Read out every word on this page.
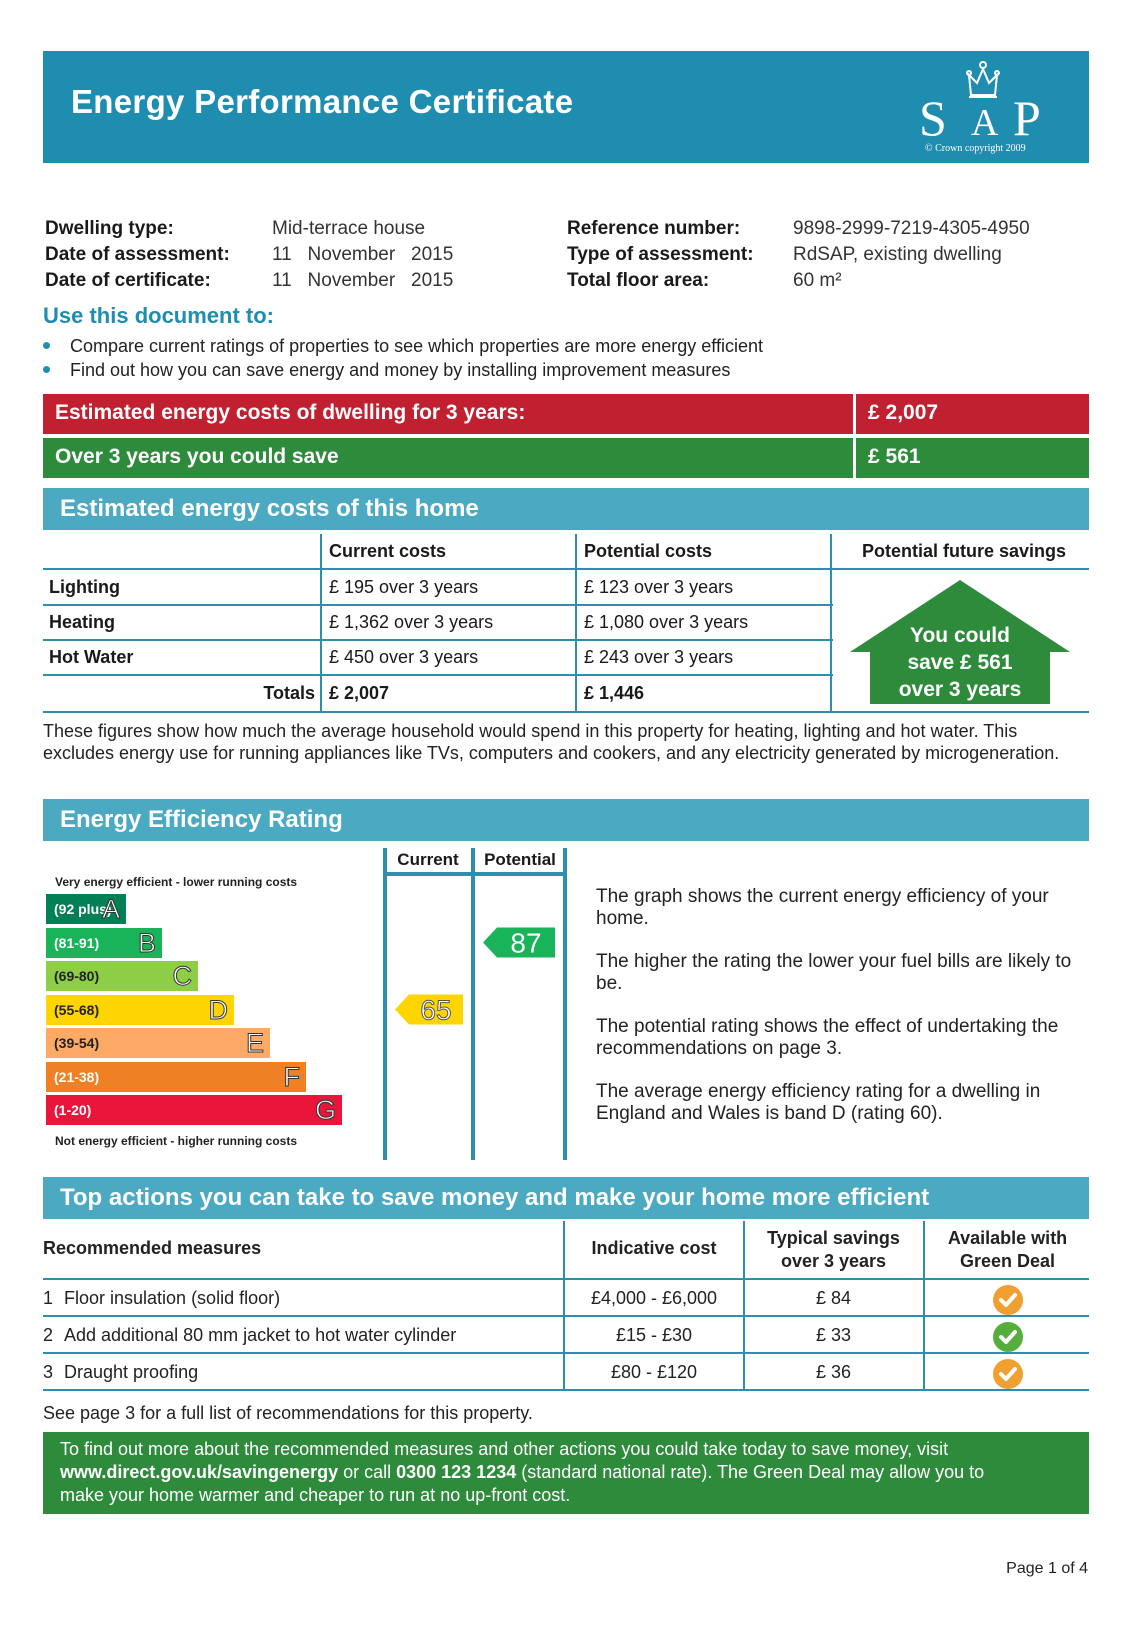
Energy Performance Certificate	S A P
© Crown copyright 2009
Dwelling type:	Mid-terrace house
Date of assessment: 11   November   2015
Date of certificate:	11   November   2015
Reference number:	9898-2999-7219-4305-4950
Type of assessment: RdSAP, existing dwelling
Total floor area:	60 m²
Use this document to:
Compare current ratings of properties to see which properties are more energy efficient
Find out how you can save energy and money by installing improvement measures
Estimated energy costs of dwelling for 3 years:	£ 2,007
Over 3 years you could save	£ 561
Estimated energy costs of this home
Current costs	Potential costs	Potential future savings
Lighting	£ 195 over 3 years	£ 123 over 3 years
Heating	£ 1,362 over 3 years	£ 1,080 over 3 years
Hot Water	£ 450 over 3 years	£ 243 over 3 years
Totals £ 2,007	£ 1,446
You could
save £ 561
over 3 years
These figures show how much the average household would spend in this property for heating, lighting and hot water. This excludes energy use for running appliances like TVs, computers and cookers, and any electricity generated by microgeneration.
Energy Efficiency Rating
Very energy efficient - lower running costs
(92 plus)
A
(81-91) B
(69-80)	C
(55-68)	D
(39-54)	E
(21-38)	F
(1-20)	G
Not energy efficient - higher running costs
Current	Potential
65
87
The graph shows the current energy efficiency of your home.
The higher the rating the lower your fuel bills are likely to be.
The potential rating shows the effect of undertaking the recommendations on page 3.
The average energy efficiency rating for a dwelling in England and Wales is band D (rating 60).
Top actions you can take to save money and make your home more efficient
Recommended measures	Indicative cost	Typical savings
over 3 years
Available with
Green Deal
1 Floor insulation (solid floor)	£4,000 - £6,000	£ 84
2 Add additional 80 mm jacket to hot water cylinder	£15 - £30	£ 33
3 Draught proofing	£80 - £120	£ 36
See page 3 for a full list of recommendations for this property.
To find out more about the recommended measures and other actions you could take today to save money, visit
www.direct.gov.uk/savingenergy or call 0300 123 1234 (standard national rate). The Green Deal may allow you to
make your home warmer and cheaper to run at no up-front cost.
Page 1 of 4
